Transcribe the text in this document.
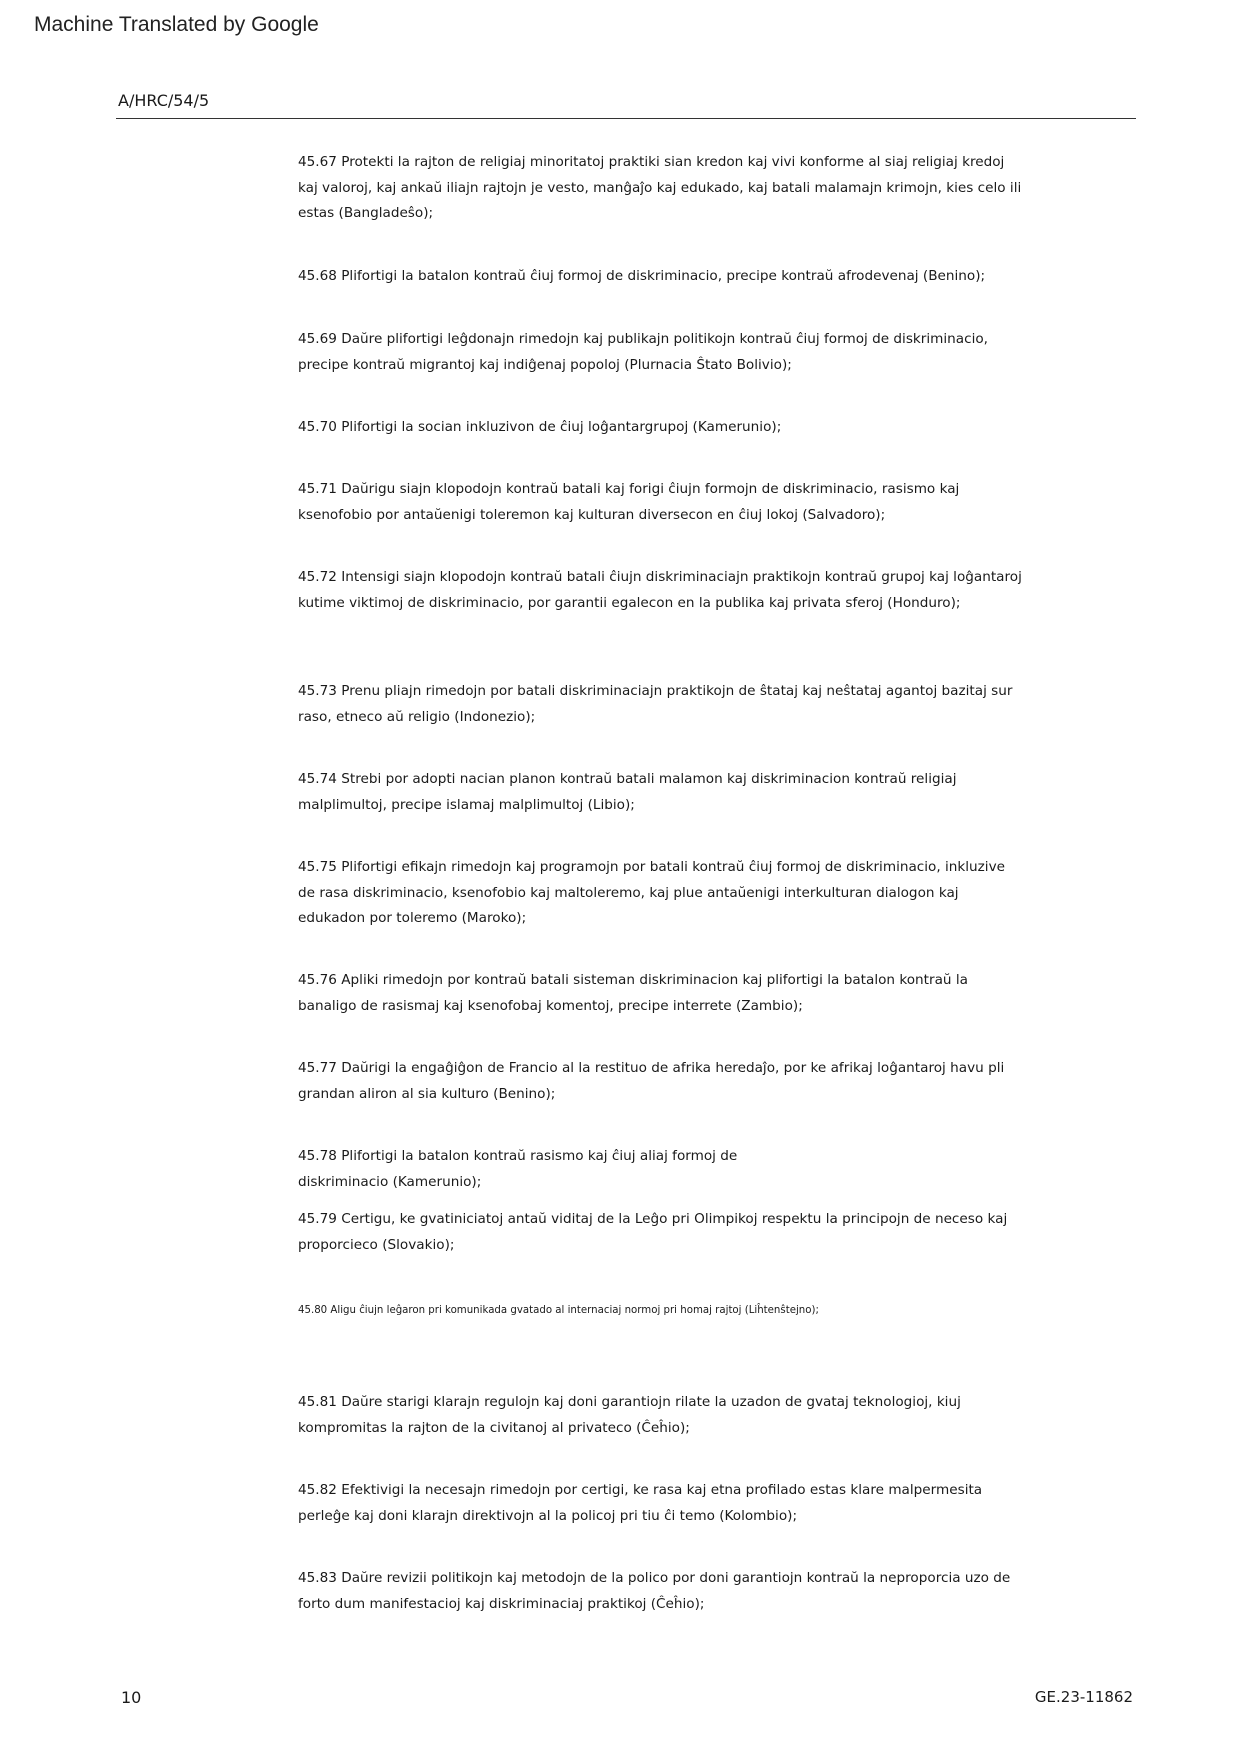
Machine Translated by Google
A/HRC/54/5

45.67 Protekti la rajton de religiaj minoritatoj praktiki sian kredon kaj vivi konforme al siaj religiaj kredoj kaj valoroj, kaj ankaŭ iliajn rajtojn je vesto, manĝaĵo kaj edukado, kaj batali malamajn krimojn, kies celo ili estas (Bangladeŝo);

45.68 Plifortigi la batalon kontraŭ ĉiuj formoj de diskriminacio, precipe kontraŭ afrodevenaj (Benino);

45.69 Daŭre plifortigi leĝdonajn rimedojn kaj publikajn politikojn kontraŭ ĉiuj formoj de diskriminacio, precipe kontraŭ migrantoj kaj indiĝenaj popoloj (Plurnacia Ŝtato Bolivio);

45.70 Plifortigi la socian inkluzivon de ĉiuj loĝantargrupoj (Kamerunio);

45.71 Daŭrigu siajn klopodojn kontraŭ batali kaj forigi ĉiujn formojn de diskriminacio, rasismo kaj ksenofobio por antaŭenigi toleremon kaj kulturan diversecon en ĉiuj lokoj (Salvadoro);

45.72 Intensigi siajn klopodojn kontraŭ batali ĉiujn diskriminaciajn praktikojn kontraŭ grupoj kaj loĝantaroj kutime viktimoj de diskriminacio, por garantii egalecon en la publika kaj privata sferoj (Honduro);

45.73 Prenu pliajn rimedojn por batali diskriminaciajn praktikojn de ŝtataj kaj neŝtataj agantoj bazitaj sur raso, etneco aŭ religio (Indonezio);

45.74 Strebi por adopti nacian planon kontraŭ batali malamon kaj diskriminacion kontraŭ religiaj malplimultoj, precipe islamaj malplimultoj (Libio);

45.75 Plifortigi efikajn rimedojn kaj programojn por batali kontraŭ ĉiuj formoj de diskriminacio, inkluzive de rasa diskriminacio, ksenofobio kaj maltoleremo, kaj plue antaŭenigi interkulturan dialogon kaj edukadon por toleremo (Maroko);

45.76 Apliki rimedojn por kontraŭ batali sisteman diskriminacion kaj plifortigi la batalon kontraŭ la banaligo de rasismaj kaj ksenofobaj komentoj, precipe interrete (Zambio);

45.77 Daŭrigi la engaĝiĝon de Francio al la restituo de afrika heredaĵo, por ke afrikaj loĝantaroj havu pli grandan aliron al sia kulturo (Benino);

45.78 Plifortigi la batalon kontraŭ rasismo kaj ĉiuj aliaj formoj de diskriminacio (Kamerunio);

45.79 Certigu, ke gvatiniciatoj antaŭ viditaj de la Leĝo pri Olimpikoj respektu la principojn de neceso kaj proporcieco (Slovakio);

45.80 Aligu ĉiujn leĝaron pri komunikada gvatado al internaciaj normoj pri homaj rajtoj (Liĥtenŝtejno);

45.81 Daŭre starigi klarajn regulojn kaj doni garantiojn rilate la uzadon de gvataj teknologioj, kiuj kompromitas la rajton de la civitanoj al privateco (Ĉeĥio);

45.82 Efektivigi la necesajn rimedojn por certigi, ke rasa kaj etna profilado estas klare malpermesita perleĝe kaj doni klarajn direktivojn al la policoj pri tiu ĉi temo (Kolombio);

45.83 Daŭre revizii politikojn kaj metodojn de la polico por doni garantiojn kontraŭ la neproporcia uzo de forto dum manifestacioj kaj diskriminaciaj praktikoj (Ĉeĥio);

10	GE.23-11862
